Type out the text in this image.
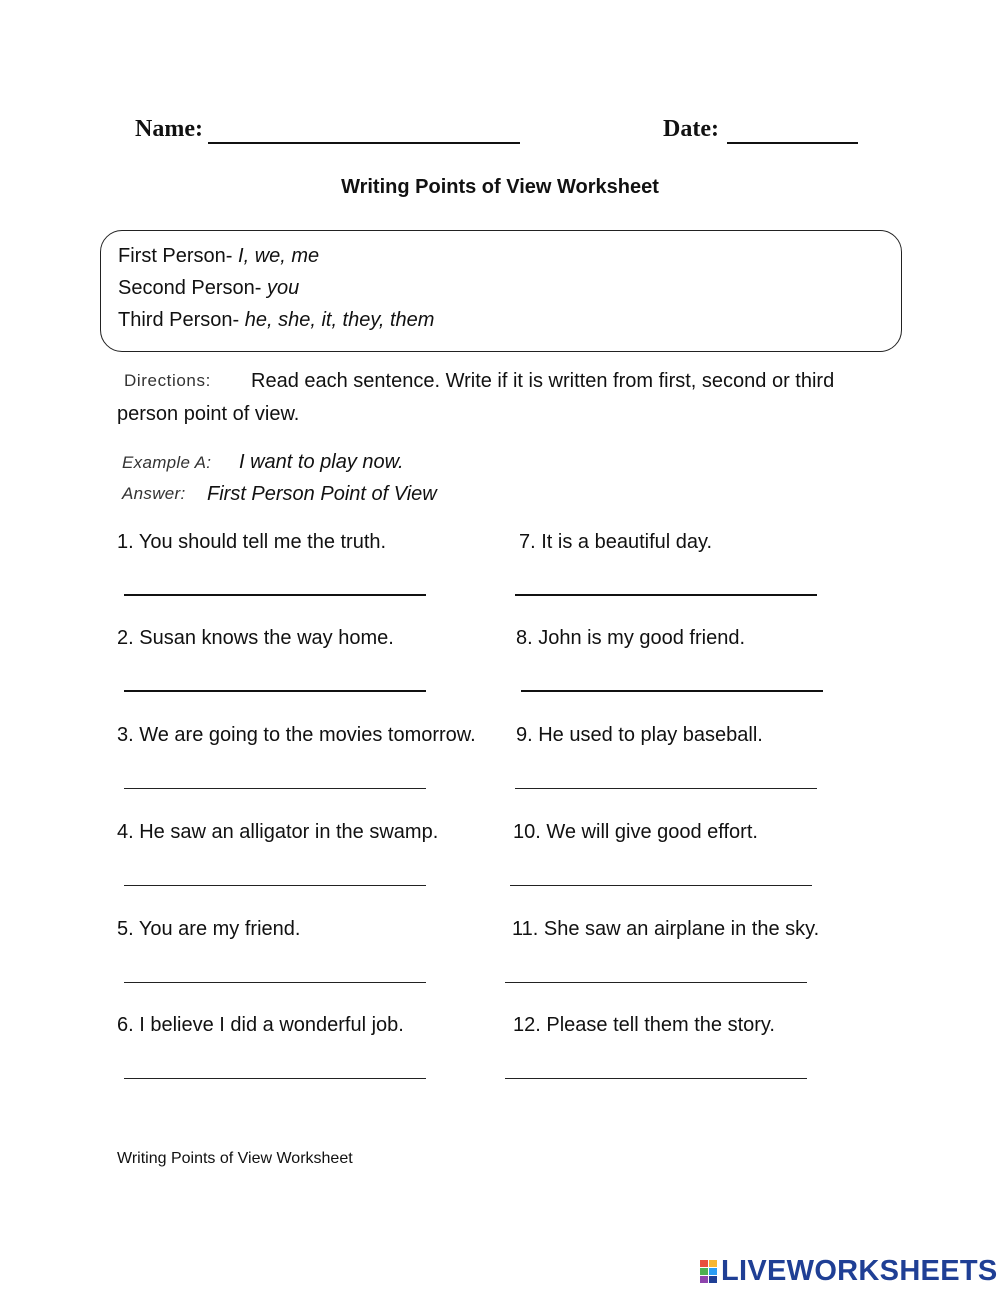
Name:	Date:
Writing Points of View Worksheet
First Person- I, we, me
Second Person- you
Third Person- he, she, it, they, them
Directions: Read each sentence. Write if it is written from first, second or third
person point of view.
Example A: I want to play now.
Answer: First Person Point of View
1. You should tell me the truth.
2. Susan knows the way home.
3. We are going to the movies tomorrow.
4. He saw an alligator in the swamp.
5. You are my friend.
6. I believe I did a wonderful job.
7. It is a beautiful day.
8. John is my good friend.
9. He used to play baseball.
10. We will give good effort.
11. She saw an airplane in the sky.
12. Please tell them the story.
Writing Points of View Worksheet
LIVEWORKSHEETS
